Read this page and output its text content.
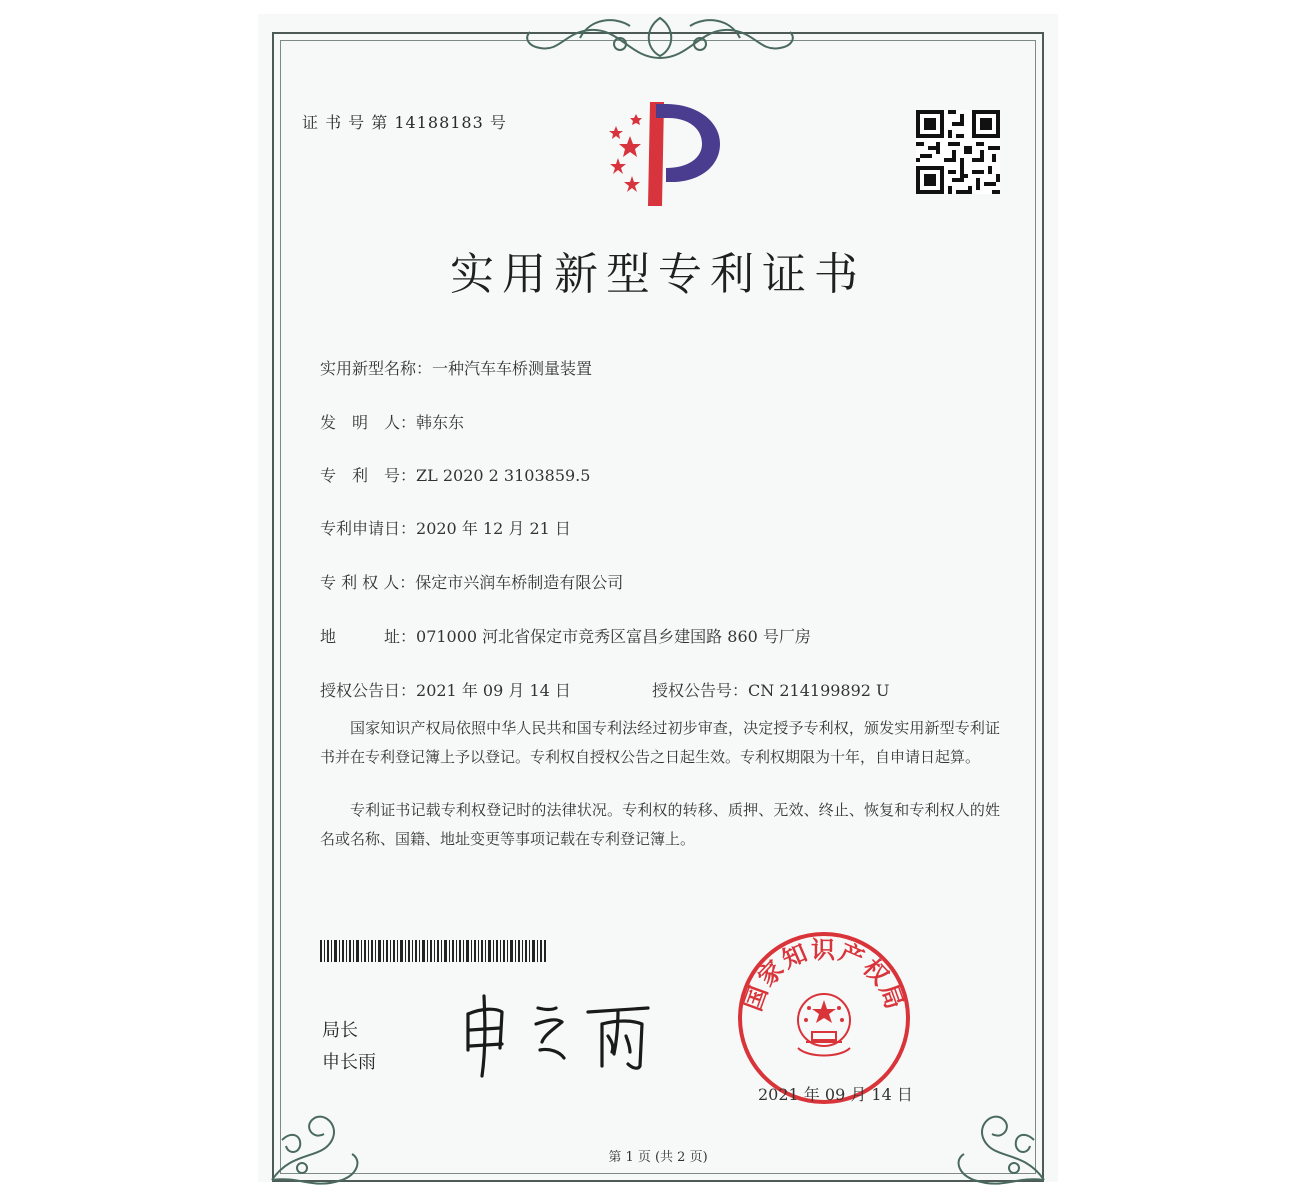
证 书 号 第 14188183 号
实用新型专利证书
实用新型名称：一种汽车车桥测量装置
发　明　人：韩东东
专　利　号：ZL 2020 2 3103859.5
专利申请日：2020 年 12 月 21 日
专 利 权 人：保定市兴润车桥制造有限公司
地　　　址：071000 河北省保定市竞秀区富昌乡建国路 860 号厂房
授权公告日：2021 年 09 月 14 日	授权公告号：CN 214199892 U
国家知识产权局依照中华人民共和国专利法经过初步审查，决定授予专利权，颁发实用新型专利证书并在专利登记簿上予以登记。专利权自授权公告之日起生效。专利权期限为十年，自申请日起算。
专利证书记载专利权登记时的法律状况。专利权的转移、质押、无效、终止、恢复和专利权人的姓名或名称、国籍、地址变更等事项记载在专利登记簿上。
局长
申长雨
国家知识产权局
2021 年 09 月 14 日
第 1 页 (共 2 页)
